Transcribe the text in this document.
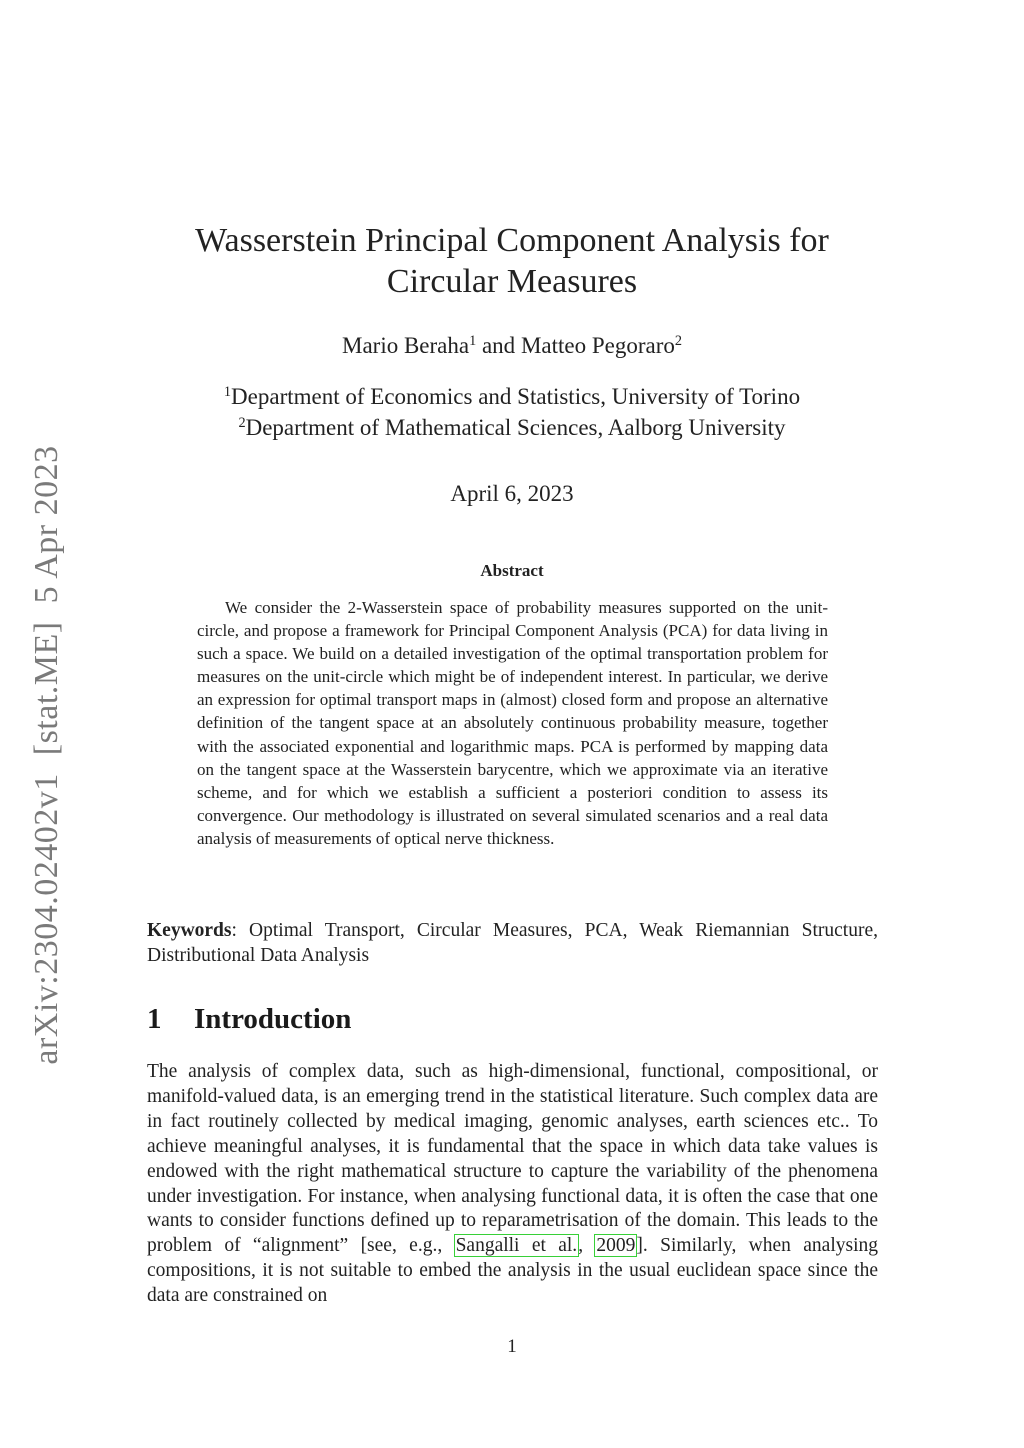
arXiv:2304.02402v1[stat.ME]5 Apr 2023
Wasserstein Principal Component Analysis for
Circular Measures
Mario Beraha$^1$ and Matteo Pegoraro$^2$
$^1$Department of Economics and Statistics, University of Torino
$^2$Department of Mathematical Sciences, Aalborg University
April 6, 2023
Abstract
We consider the 2-Wasserstein space of probability measures supported on the unit-circle, and propose a framework for Principal Component Analysis (PCA) for data living in such a space. We build on a detailed investigation of the optimal transportation problem for measures on the unit-circle which might be of independent interest. In particular, we derive an expression for optimal transport maps in (almost) closed form and propose an alternative definition of the tangent space at an absolutely continuous probability measure, together with the associated exponential and logarithmic maps. PCA is performed by mapping data on the tangent space at the Wasserstein barycentre, which we approximate via an iterative scheme, and for which we establish a sufficient a posteriori condition to assess its convergence. Our methodology is illustrated on several simulated scenarios and a real data analysis of measurements of optical nerve thickness.
Keywords: Optimal Transport, Circular Measures, PCA, Weak Riemannian Structure, Distributional Data Analysis
1 Introduction
The analysis of complex data, such as high-dimensional, functional, compositional, or manifold-valued data, is an emerging trend in the statistical literature. Such complex data are in fact routinely collected by medical imaging, genomic analyses, earth sciences etc.. To achieve meaningful analyses, it is fundamental that the space in which data take values is endowed with the right mathematical structure to capture the variability of the phenomena under investigation. For instance, when analysing functional data, it is often the case that one wants to consider functions defined up to reparametrisation of the domain. This leads to the problem of “alignment” [see, e.g., Sangalli et al., 2009]. Similarly, when analysing compositions, it is not suitable to embed the analysis in the usual euclidean space since the data are constrained on
1
